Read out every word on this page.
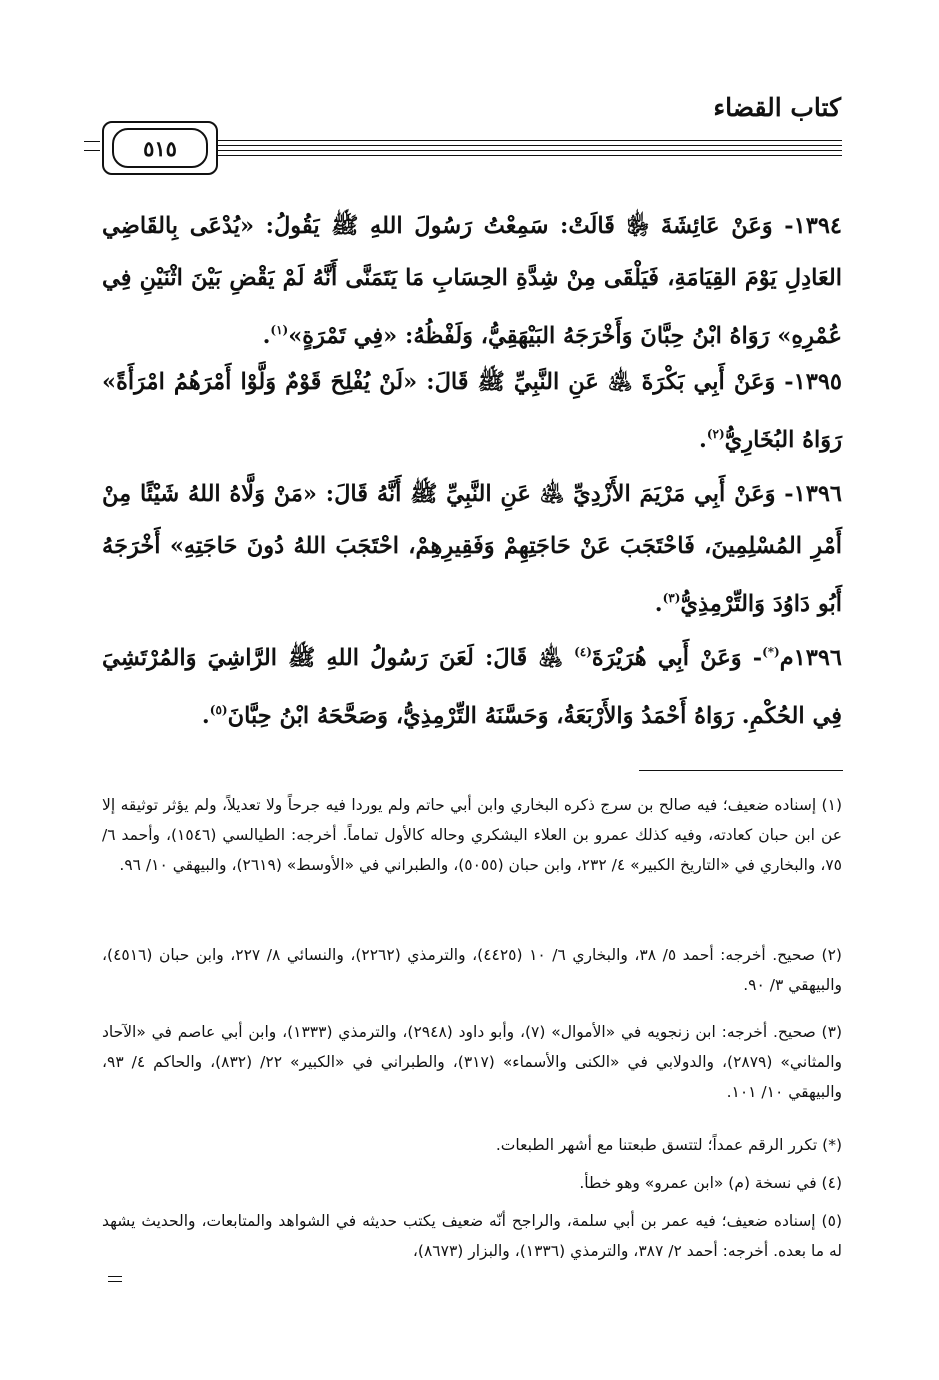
كتاب القضاء
٥١٥
١٣٩٤- وَعَنْ عَائِشَةَ ﵂ قَالَتْ: سَمِعْتُ رَسُولَ اللهِ ﷺ يَقُولُ: «يُدْعَى بِالقَاضِي العَادِلِ يَوْمَ القِيَامَةِ، فَيَلْقَى مِنْ شِدَّةِ الحِسَابِ مَا يَتَمَنَّى أَنَّهُ لَمْ يَقْضِ بَيْنَ اثْنَيْنِ فِي عُمْرِهِ» رَوَاهُ ابْنُ حِبَّانَ وَأَخْرَجَهُ البَيْهَقِيُّ، وَلَفْظُهُ: «فِي تَمْرَةٍ»$^{(١)}$.
١٣٩٥- وَعَنْ أَبِي بَكْرَةَ ﵁ عَنِ النَّبِيِّ ﷺ قَالَ: «لَنْ يُفْلِحَ قَوْمٌ وَلَّوْا أَمْرَهُمُ امْرَأَةً» رَوَاهُ البُخَارِيُّ$^{(٢)}$.
١٣٩٦- وَعَنْ أَبِي مَرْيَمَ الأَزْدِيِّ ﵁ عَنِ النَّبِيِّ ﷺ أَنَّهُ قَالَ: «مَنْ وَلَّاهُ اللهُ شَيْئًا مِنْ أَمْرِ المُسْلِمِينَ، فَاحْتَجَبَ عَنْ حَاجَتِهِمْ وَفَقِيرِهِمْ، احْتَجَبَ اللهُ دُونَ حَاجَتِهِ» أَخْرَجَهُ أَبُو دَاوُدَ وَالتِّرْمِذِيُّ$^{(٣)}$.
١٣٩٦م(*)- وَعَنْ أَبِي هُرَيْرَةَ$^{(٤)}$ ﵁ قَالَ: لَعَنَ رَسُولُ اللهِ ﷺ الرَّاشِيَ وَالمُرْتَشِيَ فِي الحُكْمِ. رَوَاهُ أَحْمَدُ وَالأَرْبَعَةُ، وَحَسَّنَهُ التِّرْمِذِيُّ، وَصَحَّحَهُ ابْنُ حِبَّانَ$^{(٥)}$.
(١) إسناده ضعيف؛ فيه صالح بن سرج ذكره البخاري وابن أبي حاتم ولم يوردا فيه جرحاً ولا تعديلاً، ولم يؤثر توثيقه إلا عن ابن حبان كعادته، وفيه كذلك عمرو بن العلاء اليشكري وحاله كالأول تماماً. أخرجه: الطيالسي (١٥٤٦)، وأحمد ٦/ ٧٥، والبخاري في «التاريخ الكبير» ٤/ ٢٣٢، وابن حبان (٥٠٥٥)، والطبراني في «الأوسط» (٢٦١٩)، والبيهقي ١٠/ ٩٦.
(٢) صحيح. أخرجه: أحمد ٥/ ٣٨، والبخاري ٦/ ١٠ (٤٤٢٥)، والترمذي (٢٢٦٢)، والنسائي ٨/ ٢٢٧، وابن حبان (٤٥١٦)، والبيهقي ٣/ ٩٠.
(٣) صحيح. أخرجه: ابن زنجويه في «الأموال» (٧)، وأبو داود (٢٩٤٨)، والترمذي (١٣٣٣)، وابن أبي عاصم في «الآحاد والمثاني» (٢٨٧٩)، والدولابي في «الكنى والأسماء» (٣١٧)، والطبراني في «الكبير» ٢٢/ (٨٣٢)، والحاكم ٤/ ٩٣، والبيهقي ١٠/ ١٠١.
(*) تكرر الرقم عمداً؛ لتتسق طبعتنا مع أشهر الطبعات.
(٤) في نسخة (م) «ابن عمرو» وهو خطأ.
(٥) إسناده ضعيف؛ فيه عمر بن أبي سلمة، والراجح أنّه ضعيف يكتب حديثه في الشواهد والمتابعات، والحديث يشهد له ما بعده. أخرجه: أحمد ٢/ ٣٨٧، والترمذي (١٣٣٦)، والبزار (٨٦٧٣)،
